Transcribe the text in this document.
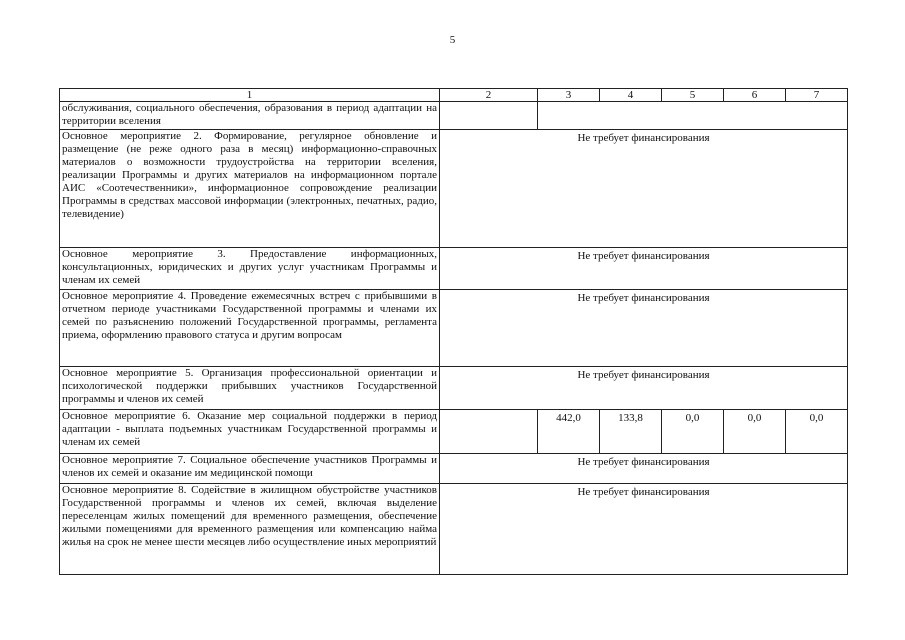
5
1	2	3	4	5	6	7
обслуживания, социального обеспечения, образования в период адаптации на территории вселения						
Основное мероприятие 2. Формирование, регулярное обновление и размещение (не реже одного раза в месяц) информационно-справочных материалов о возможности трудоустройства на территории вселения, реализации Программы и других материалов на информационном портале АИС «Соотечественники», информационное сопровождение реализации Программы в средствах массовой информации (электронных, печатных, радио, телевидение)	Не требует финансирования					
Основное мероприятие 3. Предоставление информационных, консультационных, юридических и других услуг участникам Программы и членам их семей	Не требует финансирования					
Основное мероприятие 4. Проведение ежемесячных встреч с прибывшими в отчетном периоде участниками Государственной программы и членами их семей по разъяснению положений Государственной программы, регламента приема, оформлению правового статуса и другим вопросам	Не требует финансирования					
Основное мероприятие 5. Организация профессиональной ориентации и психологической поддержки прибывших участников Государственной программы и членов их семей	Не требует финансирования					
Основное мероприятие 6. Оказание мер социальной поддержки в период адаптации - выплата подъемных участникам Государственной программы и членам их семей		442,0	133,8	0,0	0,0	0,0
Основное мероприятие 7. Социальное обеспечение участников Программы и членов их семей и оказание им медицинской помощи	Не требует финансирования					
Основное мероприятие 8. Содействие в жилищном обустройстве участников Государственной программы и членов их семей, включая выделение переселенцам жилых помещений для временного размещения, обеспечение жилыми помещениями для временного размещения или компенсацию найма жилья на срок не менее шести месяцев либо осуществление иных мероприятий	Не требует финансирования					
